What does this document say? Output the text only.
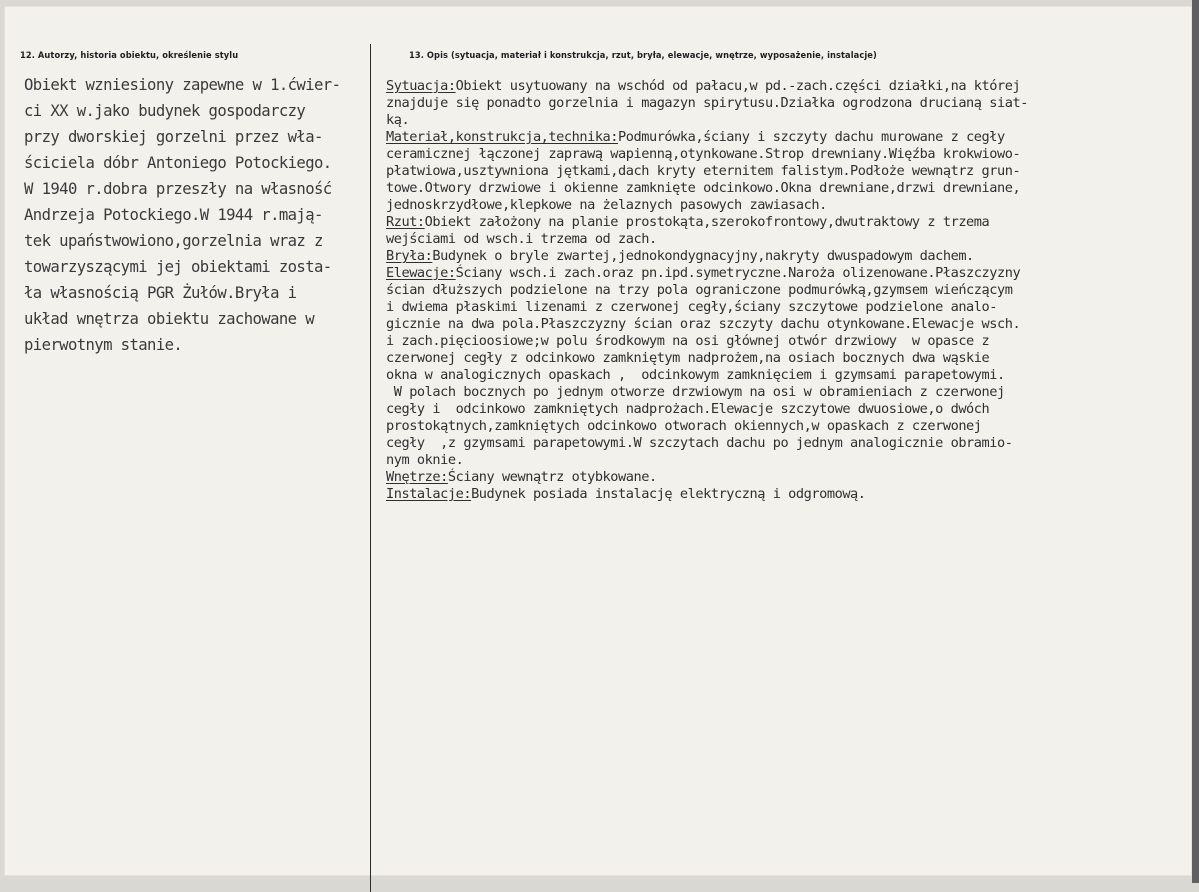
12. Autorzy, historia obiektu, określenie stylu	13. Opis (sytuacja, materiał i konstrukcja, rzut, bryła, elewacje, wnętrze, wyposażenie, instalacje)
Obiekt wzniesiony zapewne w 1.ćwier-
ci XX w.jako budynek gospodarczy
przy dworskiej gorzelni przez wła-
ściciela dóbr Antoniego Potockiego.
W 1940 r.dobra przeszły na własność
Andrzeja Potockiego.W 1944 r.mają-
tek upaństwowiono,gorzelnia wraz z
towarzyszącymi jej obiektami zosta-
ła własnością PGR Żułów.Bryła i
układ wnętrza obiektu zachowane w
pierwotnym stanie.
Sytuacja:Obiekt usytuowany na wschód od pałacu,w pd.-zach.części działki,na której
znajduje się ponadto gorzelnia i magazyn spirytusu.Działka ogrodzona drucianą siat-
ką.
Materiał,konstrukcja,technika:Podmurówka,ściany i szczyty dachu murowane z cegły
ceramicznej łączonej zaprawą wapienną,otynkowane.Strop drewniany.Więźba krokwiowo-
płatwiowa,usztywniona jętkami,dach kryty eternitem falistym.Podłoże wewnątrz grun-
towe.Otwory drzwiowe i okienne zamknięte odcinkowo.Okna drewniane,drzwi drewniane,
jednoskrzydłowe,klepkowe na żelaznych pasowych zawiasach.
Rzut:Obiekt założony na planie prostokąta,szerokofrontowy,dwutraktowy z trzema
wejściami od wsch.i trzema od zach.
Bryła:Budynek o bryle zwartej,jednokondygnacyjny,nakryty dwuspadowym dachem.
Elewacje:Ściany wsch.i zach.oraz pn.ipd.symetryczne.Naroża olizenowane.Płaszczyzny
ścian dłuższych podzielone na trzy pola ograniczone podmurówką,gzymsem wieńczącym
i dwiema płaskimi lizenami z czerwonej cegły,ściany szczytowe podzielone analo-
gicznie na dwa pola.Płaszczyzny ścian oraz szczyty dachu otynkowane.Elewacje wsch.
i zach.pięcioosiowe;w polu środkowym na osi głównej otwór drzwiowy  w opasce z
czerwonej cegły z odcinkowo zamkniętym nadprożem,na osiach bocznych dwa wąskie
okna w analogicznych opaskach ,  odcinkowym zamknięciem i gzymsami parapetowymi.
W polach bocznych po jednym otworze drzwiowym na osi w obramieniach z czerwonej
cegły i  odcinkowo zamkniętych nadprożach.Elewacje szczytowe dwuosiowe,o dwóch
prostokątnych,zamkniętych odcinkowo otworach okiennych,w opaskach z czerwonej
cegły  ,z gzymsami parapetowymi.W szczytach dachu po jednym analogicznie obramio-
nym oknie.
Wnętrze:Ściany wewnątrz otybkowane.
Instalacje:Budynek posiada instalację elektryczną i odgromową.
